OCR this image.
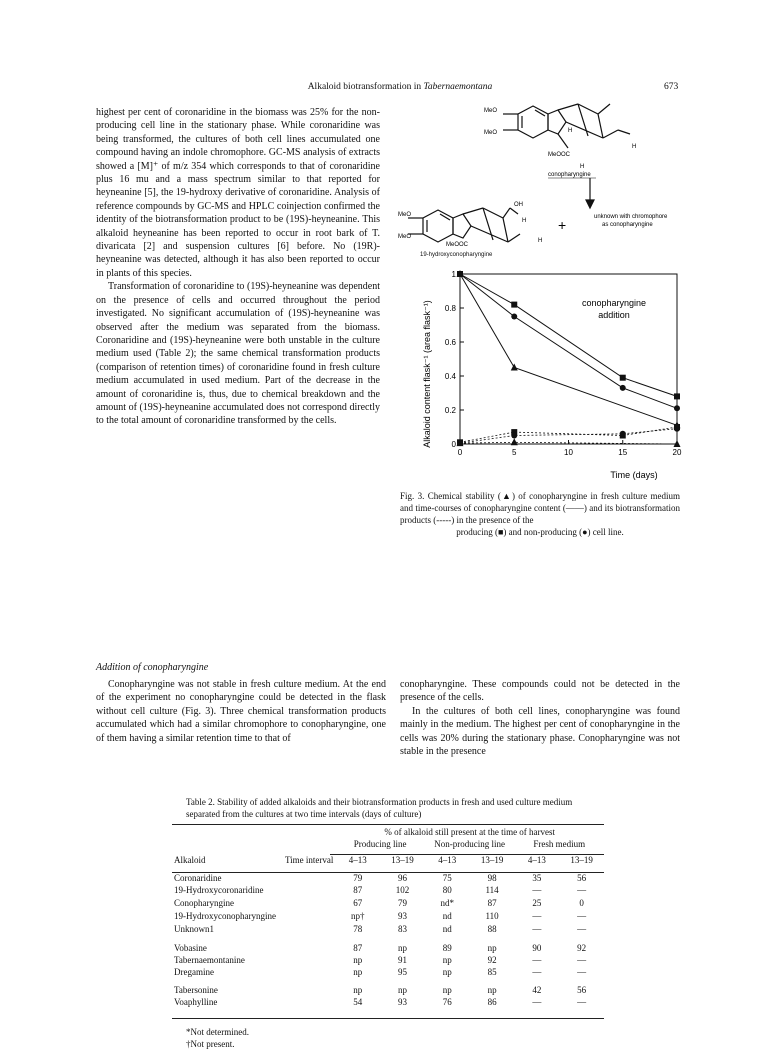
Alkaloid biotransformation in Tabernaemontana	673

highest per cent of coronaridine in the biomass was 25% for the non-producing cell line in the stationary phase. While coronaridine was being transformed, the cultures of both cell lines accumulated one compound having an indole chromophore. GC-MS analysis of extracts showed a [M]⁺ of m/z 354 which corresponds to that of coronaridine plus 16 mu and a mass spectrum similar to that reported for heyneanine [5], the 19-hydroxy derivative of coronaridine. Analysis of reference compounds by GC-MS and HPLC coinjection confirmed the identity of the biotransformation product to be (19S)-heyneanine. This alkaloid heyneanine has been reported to occur in root bark of T. divaricata [2] and suspension cultures [6] before. No (19R)-heyneanine was detected, although it has also been reported to occur in plants of this species.

Transformation of coronaridine to (19S)-heyneanine was dependent on the presence of cells and occurred throughout the period investigated. No significant accumulation of (19S)-heyneanine was observed after the medium was separated from the biomass. Coronaridine and (19S)-heyneanine were both unstable in the culture medium used (Table 2); the same chemical transformation products (comparison of retention times) of coronaridine found in fresh culture medium accumulated in used medium. Part of the decrease in the amount of coronaridine is, thus, due to chemical breakdown and the amount of (19S)-heyneanine accumulated does not correspond directly to the total amount of coronaridine transformed by the cells.

MeO
MeO
MeOOC
H
H
H
conopharyngine
MeO
MeO
OH
H
H
MeOOC
+	unknown with chromophore
as conopharyngine
19-hydroxyconopharyngine
0	5	10	15	20
0
0.2
0.4
0.6
0.8
1
Time (days)
Alkaloid content flask⁻¹ (area flask⁻¹)	conopharyngine
addition
Fig. 3. Chemical stability (▲) of conopharyngine in fresh culture medium and time-courses of conopharyngine content (——) and its biotransformation products (-----) in the presence of the
producing (■) and non-producing (●) cell line.
Addition of conopharyngine

Conopharyngine was not stable in fresh culture medium. At the end of the experiment no conopharyngine could be detected in the flask without cell culture (Fig. 3). Three chemical transformation products accumulated which had a similar chromophore to conopharyngine, one of them having a similar retention time to that of

conopharyngine. These compounds could not be detected in the presence of the cells.

In the cultures of both cell lines, conopharyngine was found mainly in the medium. The highest per cent of conopharyngine in the cells was 20% during the stationary phase. Conopharyngine was not stable in the presence

Table 2. Stability of added alkaloids and their biotransformation products in fresh and used culture medium separated from the cultures at two time intervals (days of culture)
		% of alkaloid still present at the time of harvest					
		Producing line		Non-producing line		Fresh medium	
Alkaloid	Time interval	4–13	13–19	4–13	13–19	4–13	13–19
Coronaridine		79	96	75	98	35	56
19-Hydroxycoronaridine		87	102	80	114	—	—
Conopharyngine		67	79	nd*	87	25	0
19-Hydroxyconopharyngine		np†	93	nd	110	—	—
Unknown1		78	83	nd	88	—	—

Vobasine		87	np	89	np	90	92
Tabernaemontanine		np	91	np	92	—	—
Dregamine		np	95	np	85	—	—

Tabersonine		np	np	np	np	42	56
Voaphylline		54	93	76	86	—	—
*Not determined.
†Not present.
